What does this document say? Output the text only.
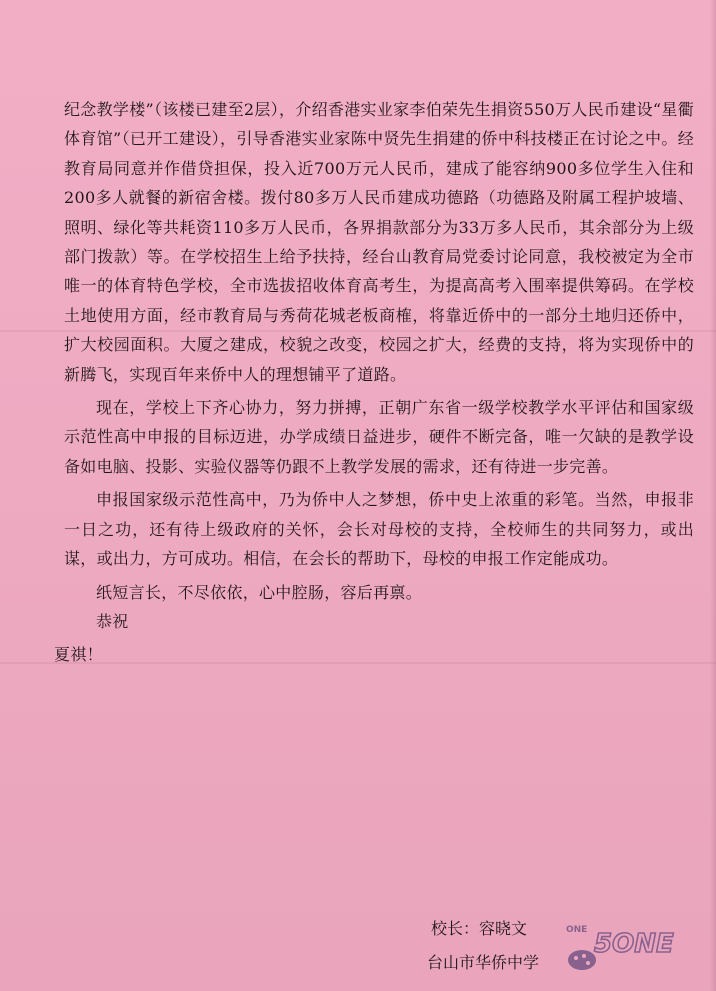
纪念教学楼”（该楼已建至2层），介绍香港实业家李伯荣先生捐资550万人民币建设“星衢体育馆”（已开工建设），引导香港实业家陈中贤先生捐建的侨中科技楼正在讨论之中。经教育局同意并作借贷担保，投入近700万元人民币，建成了能容纳900多位学生入住和200多人就餐的新宿舍楼。拨付80多万人民币建成功德路（功德路及附属工程护坡墙、照明、绿化等共耗资110多万人民币，各界捐款部分为33万多人民币，其余部分为上级部门拨款）等。在学校招生上给予扶持，经台山教育局党委讨论同意，我校被定为全市唯一的体育特色学校，全市选拔招收体育高考生，为提高高考入围率提供筹码。在学校土地使用方面，经市教育局与秀荷花城老板商榷，将靠近侨中的一部分土地归还侨中，扩大校园面积。大厦之建成，校貌之改变，校园之扩大，经费的支持，将为实现侨中的新腾飞，实现百年来侨中人的理想铺平了道路。

现在，学校上下齐心协力，努力拼搏，正朝广东省一级学校教学水平评估和国家级示范性高中申报的目标迈进，办学成绩日益进步，硬件不断完备，唯一欠缺的是教学设备如电脑、投影、实验仪器等仍跟不上教学发展的需求，还有待进一步完善。

申报国家级示范性高中，乃为侨中人之梦想，侨中史上浓重的彩笔。当然，申报非一日之功，还有待上级政府的关怀，会长对母校的支持，全校师生的共同努力，或出谋，或出力，方可成功。相信，在会长的帮助下，母校的申报工作定能成功。

纸短言长，不尽依依，心中腔肠，容后再禀。

恭祝

夏祺！

校长：容晓文
台山市华侨中学
ONE 5ONE
